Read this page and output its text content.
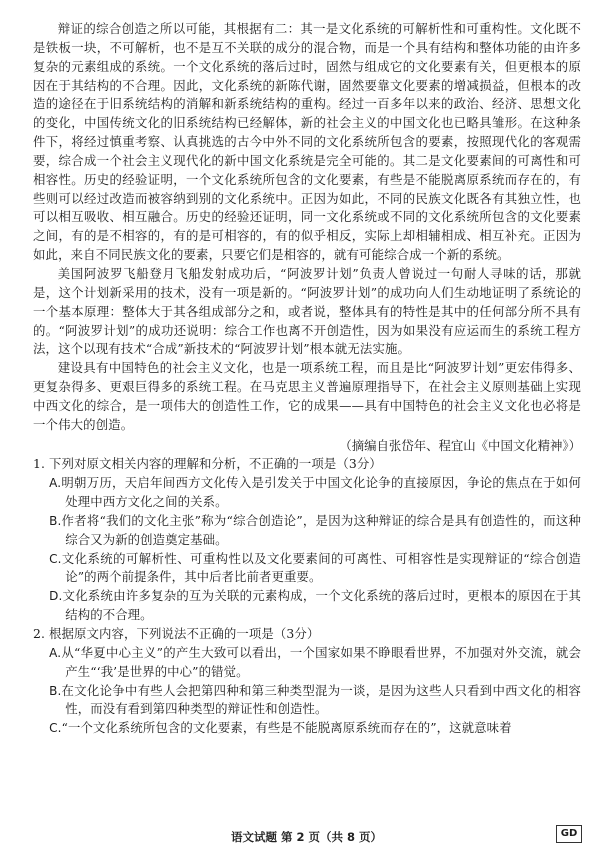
辩证的综合创造之所以可能，其根据有二：其一是文化系统的可解析性和可重构性。文化既不是铁板一块，不可解析，也不是互不关联的成分的混合物，而是一个具有结构和整体功能的由许多复杂的元素组成的系统。一个文化系统的落后过时，固然与组成它的文化要素有关，但更根本的原因在于其结构的不合理。因此，文化系统的新陈代谢，固然要靠文化要素的增减损益，但根本的改造的途径在于旧系统结构的消解和新系统结构的重构。经过一百多年以来的政治、经济、思想文化的变化，中国传统文化的旧系统结构已经解体，新的社会主义的中国文化也已略具雏形。在这种条件下，将经过慎重考察、认真挑选的古今中外不同的文化系统所包含的要素，按照现代化的客观需要，综合成一个社会主义现代化的新中国文化系统是完全可能的。其二是文化要素间的可离性和可相容性。历史的经验证明，一个文化系统所包含的文化要素，有些是不能脱离原系统而存在的，有些则可以经过改造而被容纳到别的文化系统中。正因为如此，不同的民族文化既各有其独立性，也可以相互吸收、相互融合。历史的经验还证明，同一文化系统或不同的文化系统所包含的文化要素之间，有的是不相容的，有的是可相容的，有的似乎相反，实际上却相辅相成、相互补充。正因为如此，来自不同民族文化的要素，只要它们是相容的，就有可能综合成一个新的系统。

美国阿波罗飞船登月飞船发射成功后，“阿波罗计划”负责人曾说过一句耐人寻味的话，那就是，这个计划新采用的技术，没有一项是新的。“阿波罗计划”的成功向人们生动地证明了系统论的一个基本原理：整体大于其各组成部分之和，或者说，整体具有的特性是其中的任何部分所不具有的。“阿波罗计划”的成功还说明：综合工作也离不开创造性，因为如果没有应运而生的系统工程方法，这个以现有技术“合成”新技术的“阿波罗计划”根本就无法实施。

建设具有中国特色的社会主义文化，也是一项系统工程，而且是比“阿波罗计划”更宏伟得多、更复杂得多、更艰巨得多的系统工程。在马克思主义普遍原理指导下，在社会主义原则基础上实现中西文化的综合，是一项伟大的创造性工作，它的成果——具有中国特色的社会主义文化也必将是一个伟大的创造。

（摘编自张岱年、程宜山《中国文化精神》）

1. 下列对原文相关内容的理解和分析，不正确的一项是（3分）

A.明朝万历，天启年间西方文化传入是引发关于中国文化论争的直接原因，争论的焦点在于如何处理中西方文化之间的关系。

B.作者将“我们的文化主张”称为“综合创造论”，是因为这种辩证的综合是具有创造性的，而这种综合又为新的创造奠定基础。

C.文化系统的可解析性、可重构性以及文化要素间的可离性、可相容性是实现辩证的“综合创造论”的两个前提条件，其中后者比前者更重要。

D.文化系统由许多复杂的互为关联的元素构成，一个文化系统的落后过时，更根本的原因在于其结构的不合理。

2. 根据原文内容，下列说法不正确的一项是（3分）

A.从“华夏中心主义”的产生大致可以看出，一个国家如果不睁眼看世界，不加强对外交流，就会产生“‘我’是世界的中心”的错觉。

B.在文化论争中有些人会把第四种和第三种类型混为一谈，是因为这些人只看到中西文化的相容性，而没有看到第四种类型的辩证性和创造性。

C.“一个文化系统所包含的文化要素，有些是不能脱离原系统而存在的”，这就意味着

语文试题 第 2 页（共 8 页）	GD
